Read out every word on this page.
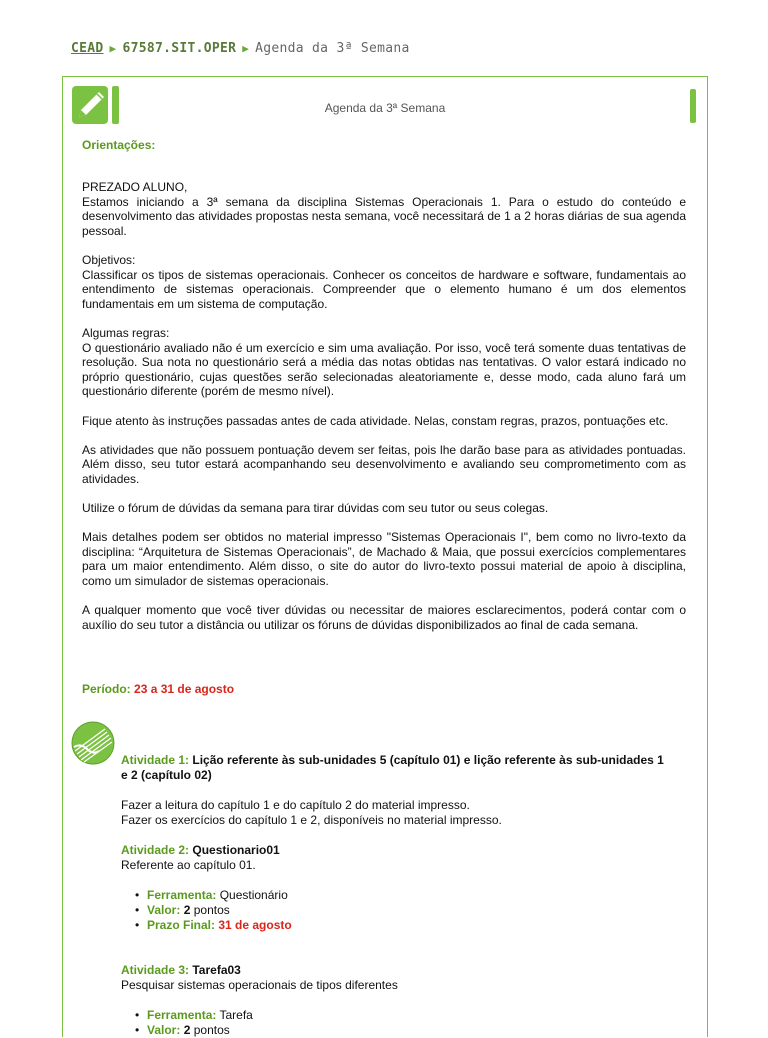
CEAD ▶ 67587.SIT.OPER ▶ Agenda da 3ª Semana
Agenda da 3ª Semana
Orientações:

PREZADO ALUNO,
Estamos iniciando a 3ª semana da disciplina Sistemas Operacionais 1. Para o estudo do conteúdo e desenvolvimento das atividades propostas nesta semana, você necessitará de 1 a 2 horas diárias de sua agenda pessoal.

Objetivos:
Classificar os tipos de sistemas operacionais. Conhecer os conceitos de hardware e software, fundamentais ao entendimento de sistemas operacionais. Compreender que o elemento humano é um dos elementos fundamentais em um sistema de computação.

Algumas regras:
O questionário avaliado não é um exercício e sim uma avaliação. Por isso, você terá somente duas tentativas de resolução. Sua nota no questionário será a média das notas obtidas nas tentativas. O valor estará indicado no próprio questionário, cujas questões serão selecionadas aleatoriamente e, desse modo, cada aluno fará um questionário diferente (porém de mesmo nível).

Fique atento às instruções passadas antes de cada atividade. Nelas, constam regras, prazos, pontuações etc.

As atividades que não possuem pontuação devem ser feitas, pois lhe darão base para as atividades pontuadas. Além disso, seu tutor estará acompanhando seu desenvolvimento e avaliando seu comprometimento com as atividades.

Utilize o fórum de dúvidas da semana para tirar dúvidas com seu tutor ou seus colegas.

Mais detalhes podem ser obtidos no material impresso "Sistemas Operacionais I", bem como no livro-texto da disciplina: “Arquitetura de Sistemas Operacionais”, de Machado & Maia, que possui exercícios complementares para um maior entendimento. Além disso, o site do autor do livro-texto possui material de apoio à disciplina, como um simulador de sistemas operacionais.

A qualquer momento que você tiver dúvidas ou necessitar de maiores esclarecimentos, poderá contar com o auxílio do seu tutor a distância ou utilizar os fóruns de dúvidas disponibilizados ao final de cada semana.

Período: 23 a 31 de agosto

Atividade 1: Lição referente às sub-unidades 5 (capítulo 01) e lição referente às sub-unidades 1 e 2 (capítulo 02)

Fazer a leitura do capítulo 1 e do capítulo 2 do material impresso.
Fazer os exercícios do capítulo 1 e 2, disponíveis no material impresso.

Atividade 2: Questionario01

Referente ao capítulo 01.

• Ferramenta: Questionário
• Valor: 2 pontos
• Prazo Final: 31 de agosto

Atividade 3: Tarefa03

Pesquisar sistemas operacionais de tipos diferentes

• Ferramenta: Tarefa
• Valor: 2 pontos
